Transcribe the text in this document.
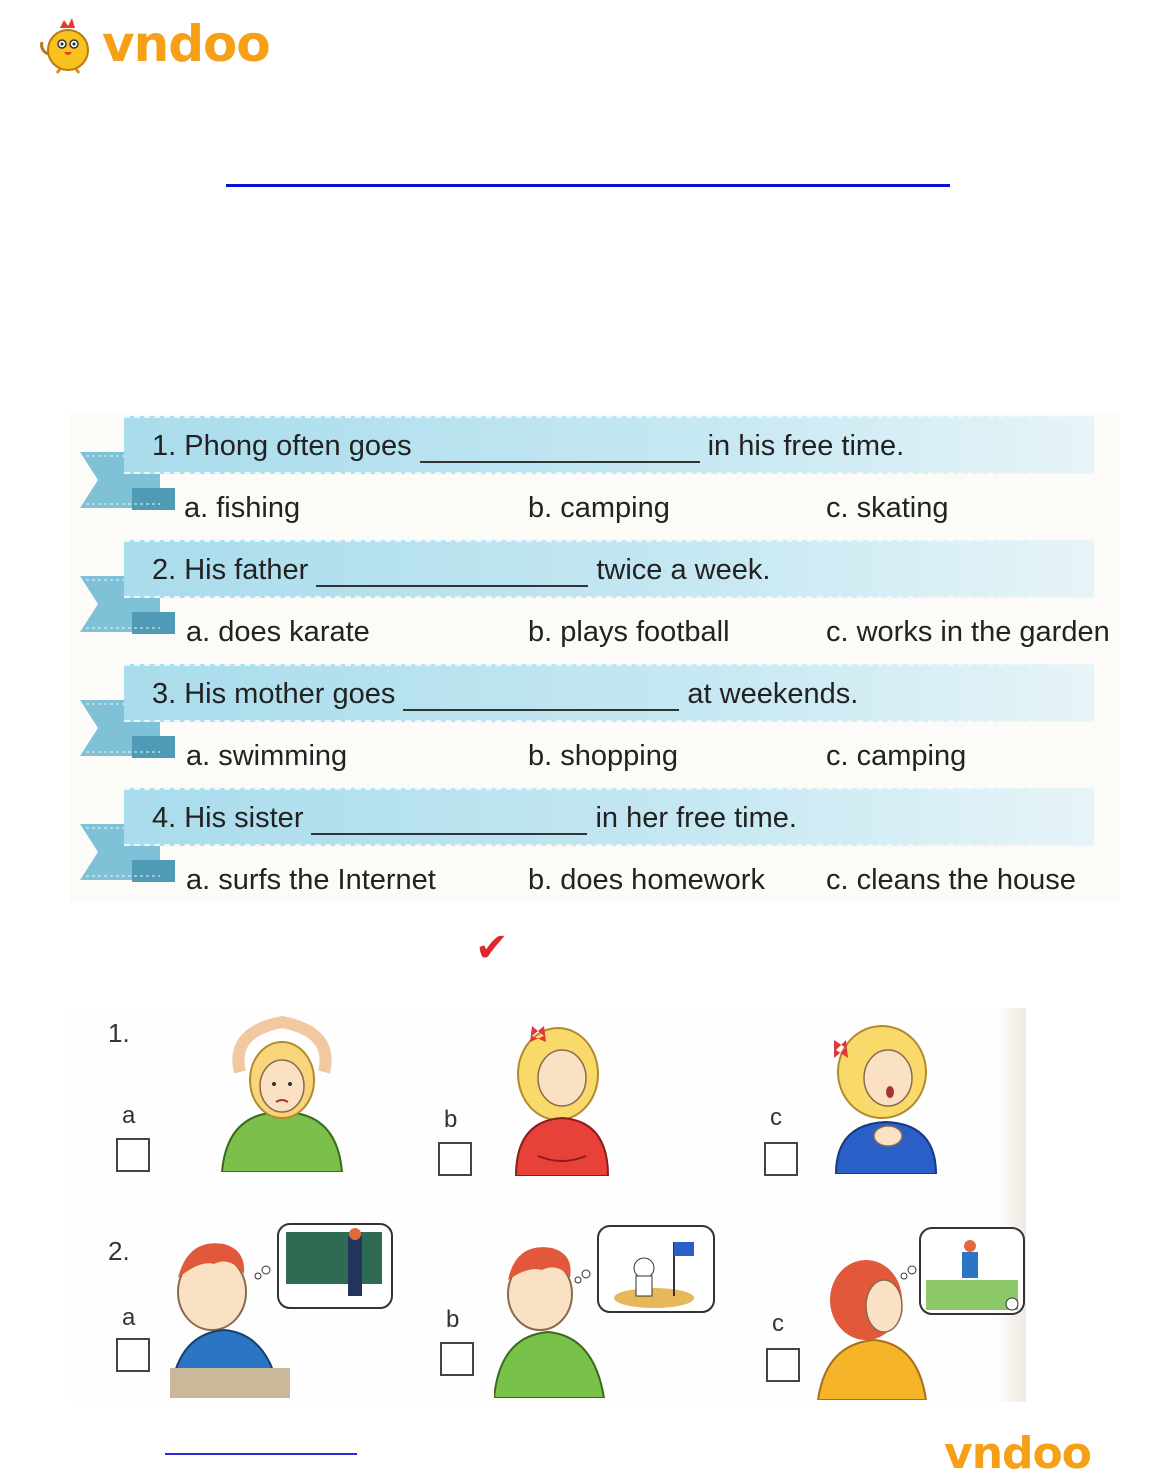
vndoo
1. Phong often goes	in his free time.
a. fishing	b. camping	c. skating
2. His father	twice a week.
a. does karate	b. plays football	c. works in the garden
3. His mother goes	at weekends.
a. swimming	b. shopping	c. camping
4. His sister	in her free time.
a. surfs the Internet	b. does homework c. cleans the house
✔
1.
a	b	c
2.
a	b	c
vndoo
